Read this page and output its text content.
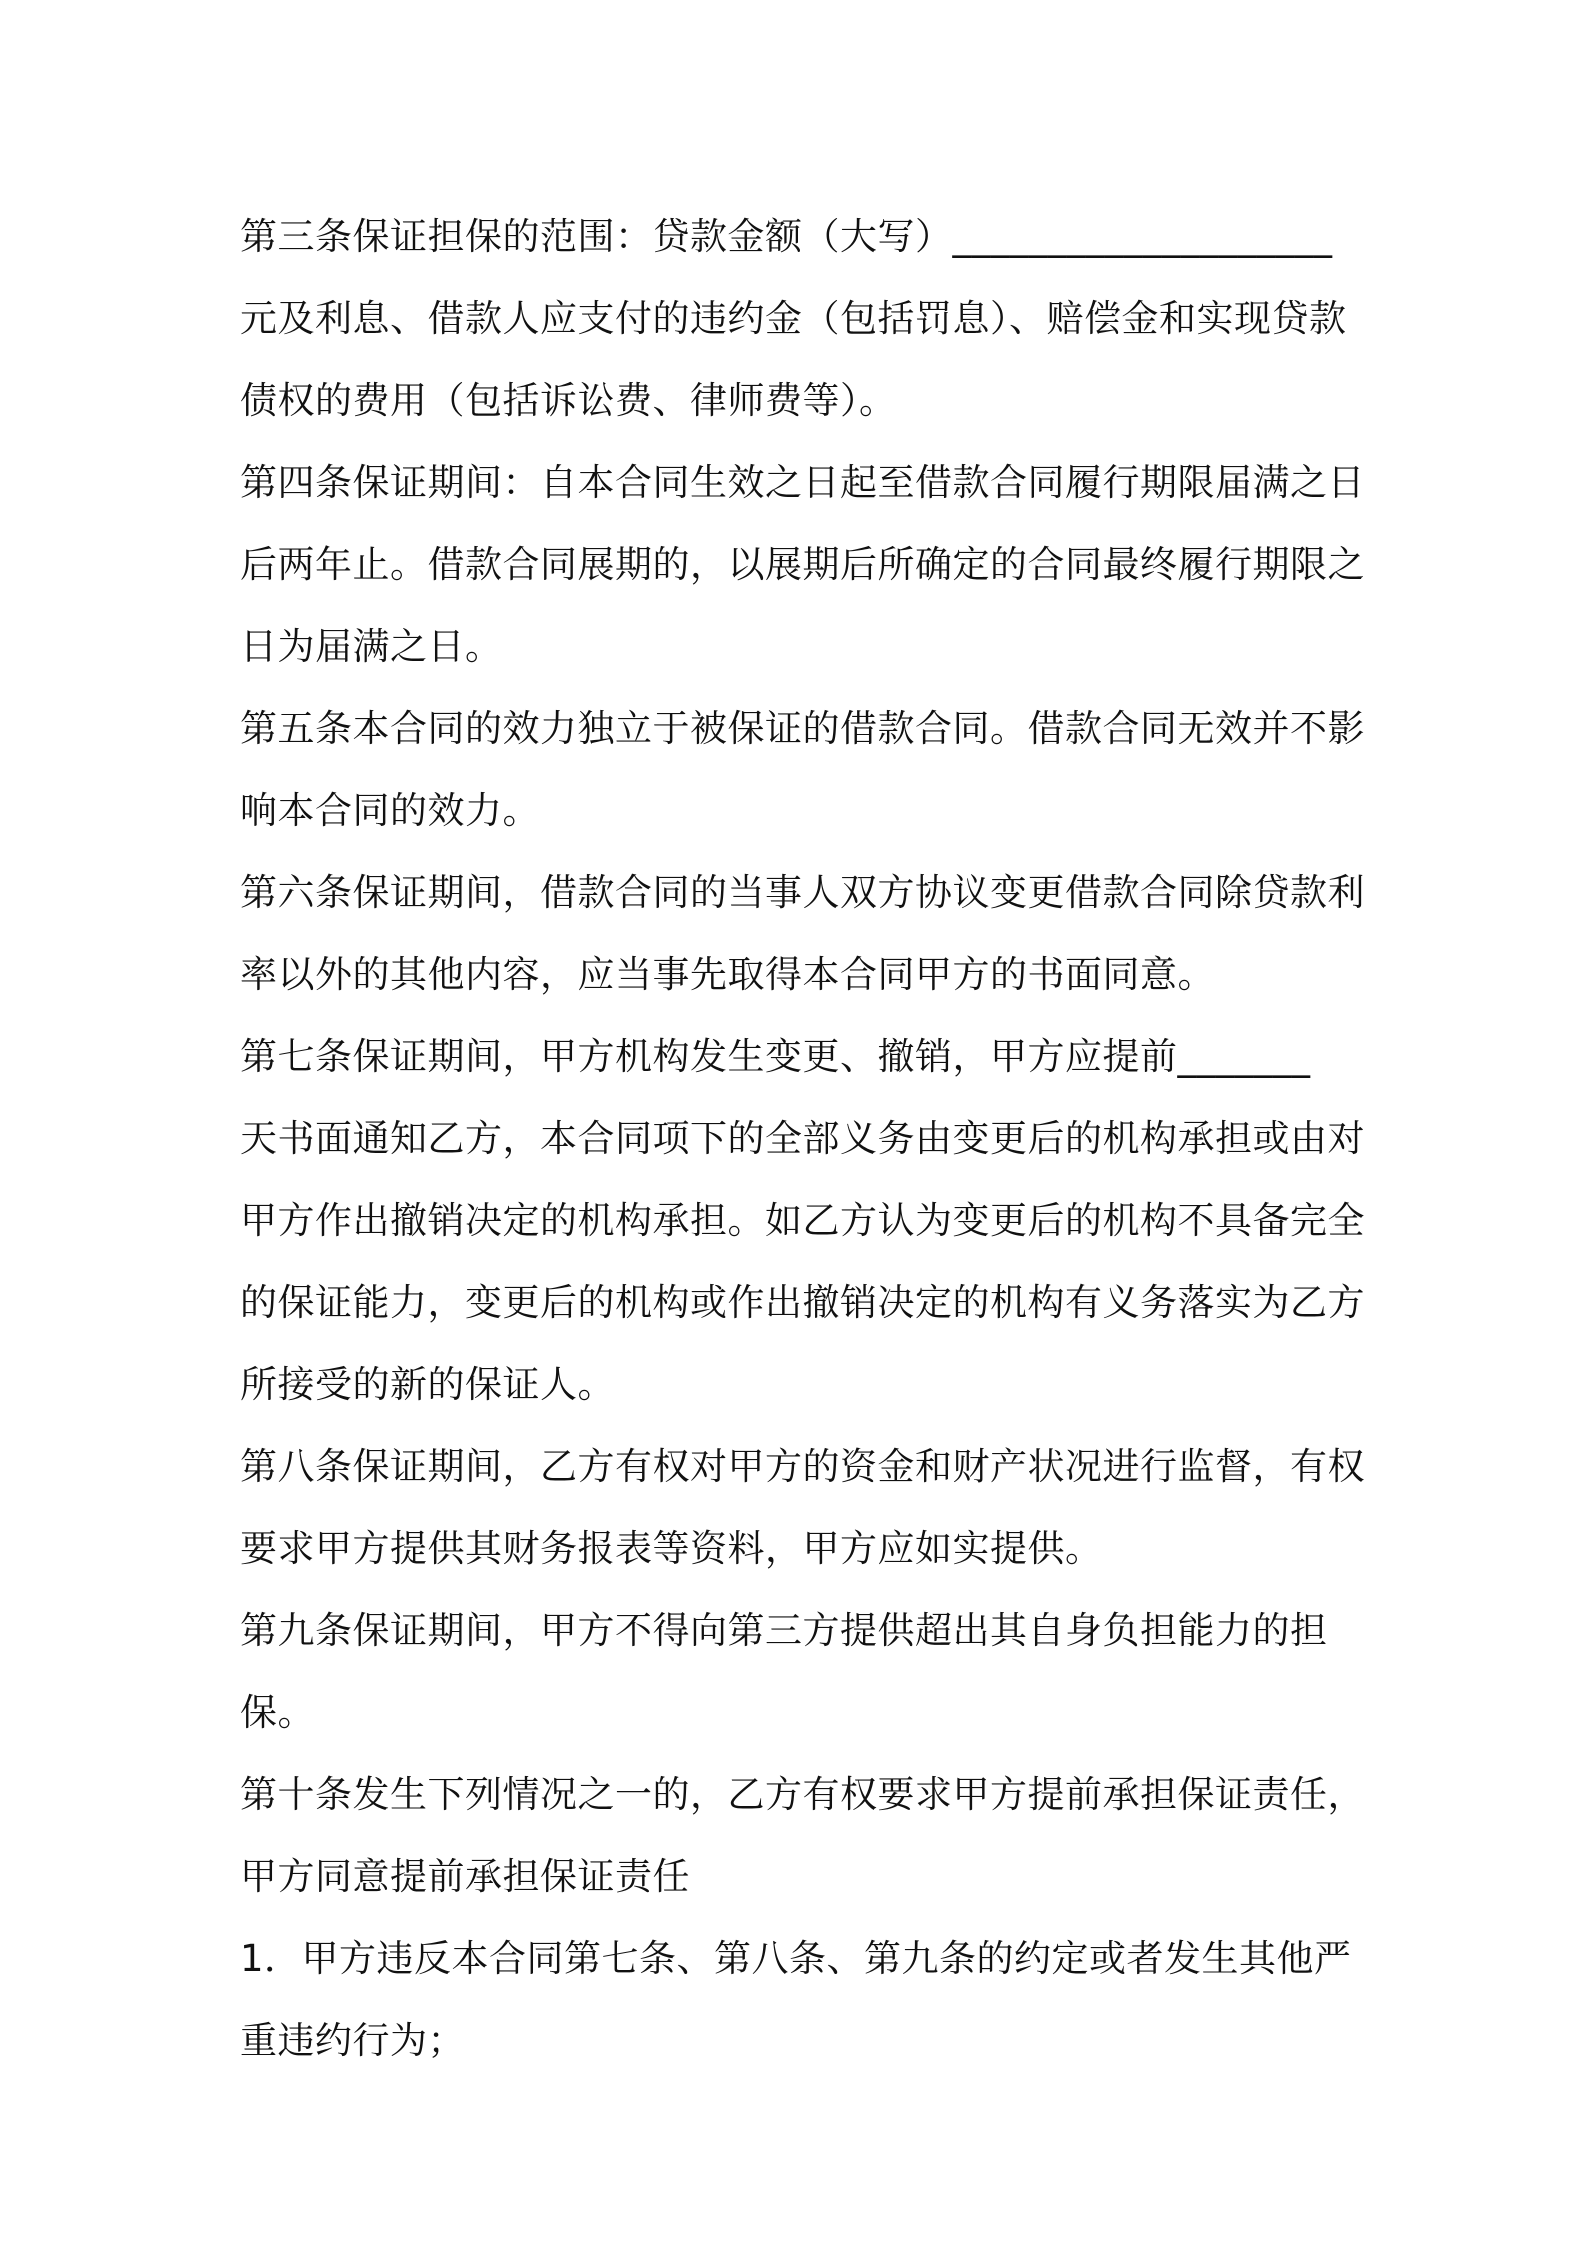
第三条保证担保的范围：贷款金额（大写）____________________
元及利息、借款人应支付的违约金（包括罚息）、赔偿金和实现贷款
债权的费用（包括诉讼费、律师费等）。

第四条保证期间：自本合同生效之日起至借款合同履行期限届满之日
后两年止。借款合同展期的，以展期后所确定的合同最终履行期限之
日为届满之日。

第五条本合同的效力独立于被保证的借款合同。借款合同无效并不影
响本合同的效力。

第六条保证期间，借款合同的当事人双方协议变更借款合同除贷款利
率以外的其他内容，应当事先取得本合同甲方的书面同意。

第七条保证期间，甲方机构发生变更、撤销，甲方应提前_______
天书面通知乙方，本合同项下的全部义务由变更后的机构承担或由对
甲方作出撤销决定的机构承担。如乙方认为变更后的机构不具备完全
的保证能力，变更后的机构或作出撤销决定的机构有义务落实为乙方
所接受的新的保证人。

第八条保证期间，乙方有权对甲方的资金和财产状况进行监督，有权
要求甲方提供其财务报表等资料，甲方应如实提供。

第九条保证期间，甲方不得向第三方提供超出其自身负担能力的担保。

第十条发生下列情况之一的，乙方有权要求甲方提前承担保证责任，
甲方同意提前承担保证责任

1．甲方违反本合同第七条、第八条、第九条的约定或者发生其他严
重违约行为；
